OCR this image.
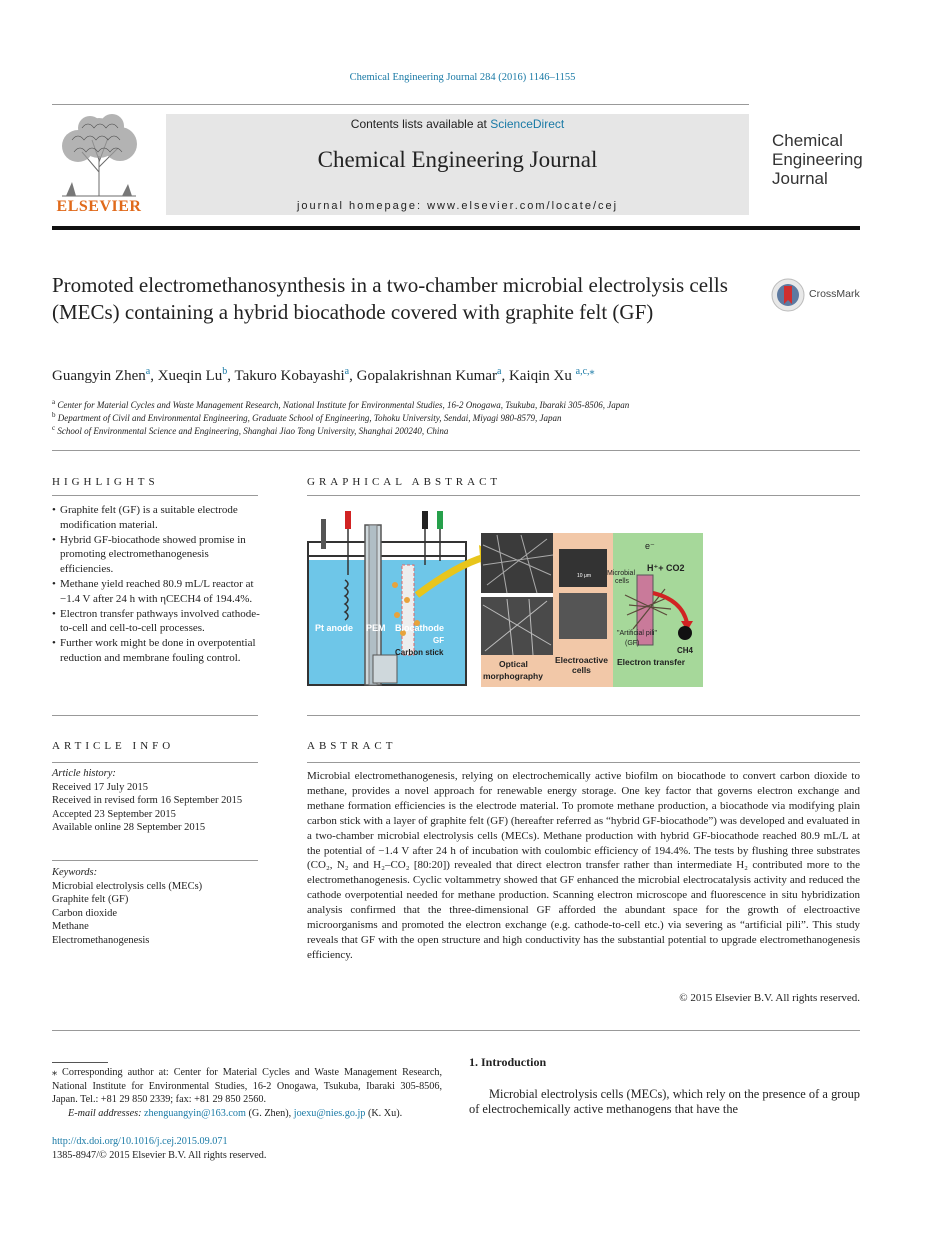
Chemical Engineering Journal 284 (2016) 1146–1155
ELSEVIER
Contents lists available at ScienceDirect
Chemical Engineering Journal
journal homepage: www.elsevier.com/locate/cej
Chemical
Engineering
Journal
Promoted electromethanosynthesis in a two-chamber microbial electrolysis cells (MECs) containing a hybrid biocathode covered with graphite felt (GF)
CrossMark
Guangyin Zhen$^a$, Xueqin Lu$^b$, Takuro Kobayashi$^a$, Gopalakrishnan Kumar$^a$, Kaiqin Xu $^{a,c,⁎}$
$^a$ Center for Material Cycles and Waste Management Research, National Institute for Environmental Studies, 16-2 Onogawa, Tsukuba, Ibaraki 305-8506, Japan
$^b$ Department of Civil and Environmental Engineering, Graduate School of Engineering, Tohoku University, Sendai, Miyagi 980-8579, Japan
$^c$ School of Environmental Science and Engineering, Shanghai Jiao Tong University, Shanghai 200240, China
HIGHLIGHTS
• Graphite felt (GF) is a suitable electrode modification material.
• Hybrid GF-biocathode showed promise in promoting electromethanogenesis efficiencies.
• Methane yield reached 80.9 mL/L reactor at −1.4 V after 24 h with ηCECH4 of 194.4%.
• Electron transfer pathways involved cathode-to-cell and cell-to-cell processes.
• Further work might be done in overpotential reduction and membrane fouling control.
GRAPHICAL ABSTRACT
Pt anode PEM Biocathode
GF
Carbon stick
Optical
morphography
10 μm
Electroactive
cells
e⁻
H⁺+ CO2
Microbial
cells
"Artificial pili"
(GF)
CH4
Electron transfer
ARTICLE INFO
Article history:
Received 17 July 2015
Received in revised form 16 September 2015
Accepted 23 September 2015
Available online 28 September 2015
Keywords:
Microbial electrolysis cells (MECs)
Graphite felt (GF)
Carbon dioxide
Methane
Electromethanogenesis
ABSTRACT
Microbial electromethanogenesis, relying on electrochemically active biofilm on biocathode to convert carbon dioxide to methane, provides a novel approach for renewable energy storage. One key factor that governs electron exchange and methane formation efficiencies is the electrode material. To promote methane production, a biocathode via modifying plain carbon stick with a layer of graphite felt (GF) (hereafter referred as “hybrid GF-biocathode”) was developed and evaluated in a two-chamber microbial electrolysis cells (MECs). Methane production with hybrid GF-biocathode reached 80.9 mL/L at the potential of −1.4 V after 24 h of incubation with coulombic efficiency of 194.4%. The tests by flushing three substrates (CO₂, N₂ and H₂–CO₂ [80:20]) revealed that direct electron transfer rather than intermediate H₂ contributed more to the electromethanogenesis. Cyclic voltammetry showed that GF enhanced the microbial electrocatalysis activity and reduced the cathode overpotential needed for methane production. Scanning electron microscope and fluorescence in situ hybridization analysis confirmed that the three-dimensional GF afforded the abundant space for the growth of electroactive microorganisms and promoted the electron exchange (e.g. cathode-to-cell etc.) via severing as “artificial pili”. This study reveals that GF with the open structure and high conductivity has the substantial potential to upgrade electromethanogenesis efficiency.
© 2015 Elsevier B.V. All rights reserved.
⁎ Corresponding author at: Center for Material Cycles and Waste Management Research, National Institute for Environmental Studies, 16-2 Onogawa, Tsukuba, Ibaraki 305-8506, Japan. Tel.: +81 29 850 2339; fax: +81 29 850 2560.
E-mail addresses: zhenguangyin@163.com (G. Zhen), joexu@nies.go.jp (K. Xu).
http://dx.doi.org/10.1016/j.cej.2015.09.071
1385-8947/© 2015 Elsevier B.V. All rights reserved.
1. Introduction
Microbial electrolysis cells (MECs), which rely on the presence of a group of electrochemically active methanogens that have the
